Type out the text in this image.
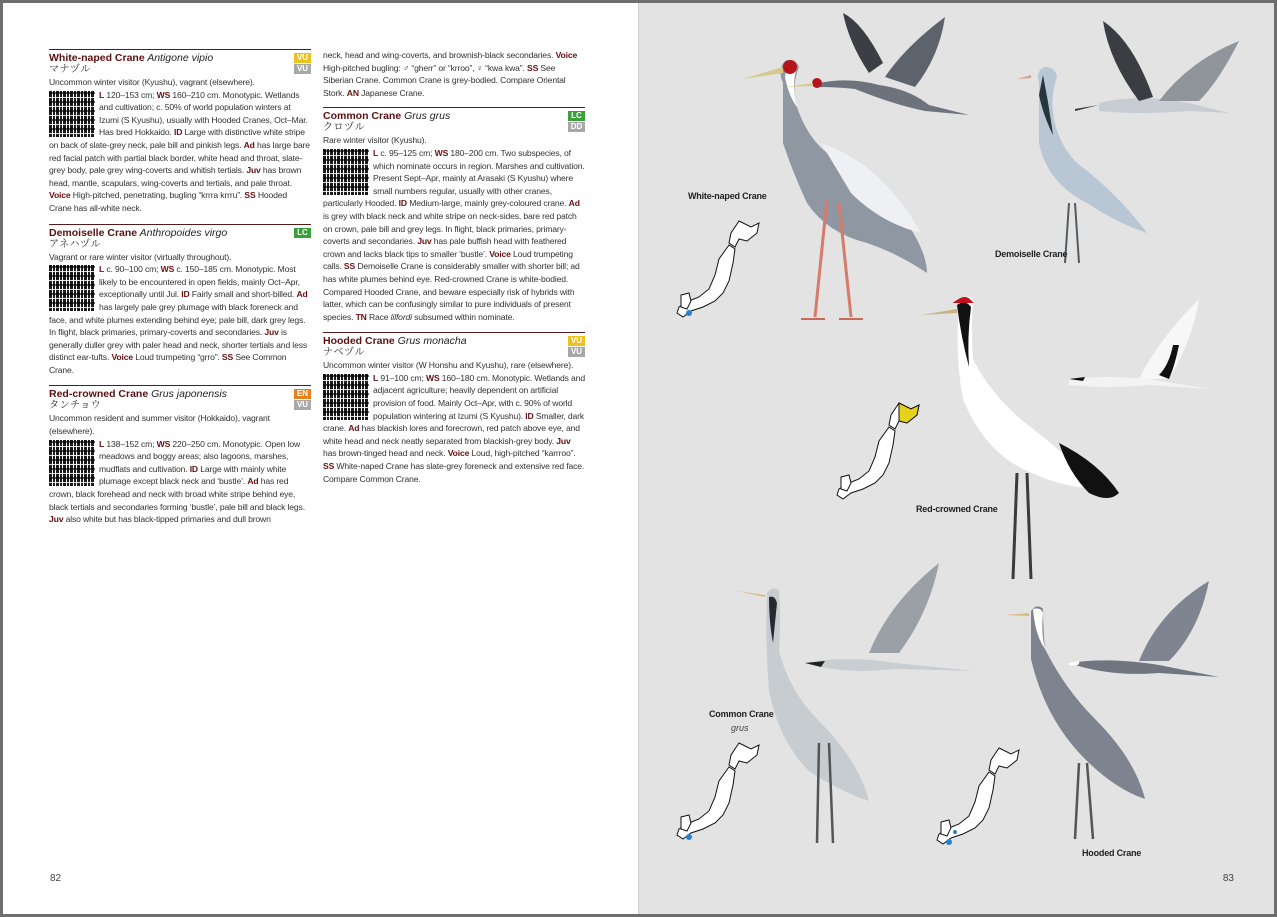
White-naped Crane Antigone vipio
マナヅル
VU
VU
Uncommon winter visitor (Kyushu), vagrant (elsewhere).
L 120–153 cm; WS 160–210 cm. Monotypic. Wetlands and cultivation; c. 50% of world population winters at Izumi (S Kyushu), usually with Hooded Cranes, Oct–Mar. Has bred Hokkaido. ID Large with distinctive white stripe on back of slate-grey neck, pale bill and pinkish legs. Ad has large bare red facial patch with partial black border, white head and throat, slate-grey body, pale grey wing-coverts and whitish tertials. Juv has brown head, mantle, scapulars, wing-coverts and tertials, and pale throat. Voice High-pitched, penetrating, bugling “krrra krrru”. SS Hooded Crane has all-white neck.
Demoiselle Crane Anthropoides virgo
アネハヅル
LC
Vagrant or rare winter visitor (virtually throughout).
L c. 90–100 cm; WS c. 150–185 cm. Monotypic. Most likely to be encountered in open fields, mainly Oct–Apr, exceptionally until Jul. ID Fairly small and short-billed. Ad has largely pale grey plumage with black foreneck and face, and white plumes extending behind eye; pale bill, dark grey legs. In flight, black primaries, primary-coverts and secondaries. Juv is generally duller grey with paler head and neck, shorter tertials and less distinct ear-tufts. Voice Loud trumpeting “grro”. SS See Common Crane.
Red-crowned Crane Grus japonensis
タンチョウ
EN
VU
Uncommon resident and summer visitor (Hokkaido), vagrant (elsewhere).
L 138–152 cm; WS 220–250 cm. Monotypic. Open low meadows and boggy areas; also lagoons, marshes, mudflats and cultivation. ID Large with mainly white plumage except black neck and ‘bustle’. Ad has red crown, black forehead and neck with broad white stripe behind eye, black tertials and secondaries forming ‘bustle’, pale bill and black legs. Juv also white but has black-tipped primaries and dull brown
neck, head and wing-coverts, and brownish-black secondaries. Voice High-pitched bugling: ♂ “gherr” or “krroo”, ♀ “kwa kwa”. SS See Siberian Crane. Common Crane is grey-bodied. Compare Oriental Stork. AN Japanese Crane.
Common Crane Grus grus
クロヅル
LC
DD
Rare winter visitor (Kyushu).
L c. 95–125 cm; WS 180–200 cm. Two subspecies, of which nominate occurs in region. Marshes and cultivation. Present Sept–Apr, mainly at Arasaki (S Kyushu) where small numbers regular, usually with other cranes, particularly Hooded. ID Medium-large, mainly grey-coloured crane. Ad is grey with black neck and white stripe on neck-sides, bare red patch on crown, pale bill and grey legs. In flight, black primaries, primary-coverts and secondaries. Juv has pale buffish head with feathered crown and lacks black tips to smaller ‘bustle’. Voice Loud trumpeting calls. SS Demoiselle Crane is considerably smaller with shorter bill; ad has white plumes behind eye. Red-crowned Crane is white-bodied. Compared Hooded Crane, and beware especially risk of hybrids with latter, which can be confusingly similar to pure individuals of present species. TN Race lilfordi subsumed within nominate.
Hooded Crane Grus monacha
ナベヅル
VU
VU
Uncommon winter visitor (W Honshu and Kyushu), rare (elsewhere).
L 91–100 cm; WS 160–180 cm. Monotypic. Wetlands and adjacent agriculture; heavily dependent on artificial provision of food. Mainly Oct–Apr, with c. 90% of world population wintering at Izumi (S Kyushu). ID Smaller, dark crane. Ad has blackish lores and forecrown, red patch above eye, and white head and neck neatly separated from blackish-grey body. Juv has brown-tinged head and neck. Voice Loud, high-pitched “karrroo”. SS White-naped Crane has slate-grey foreneck and extensive red face. Compare Common Crane.
82
White-naped Crane
Demoiselle Crane
Red-crowned Crane
Common Crane
grus
Hooded Crane
83
